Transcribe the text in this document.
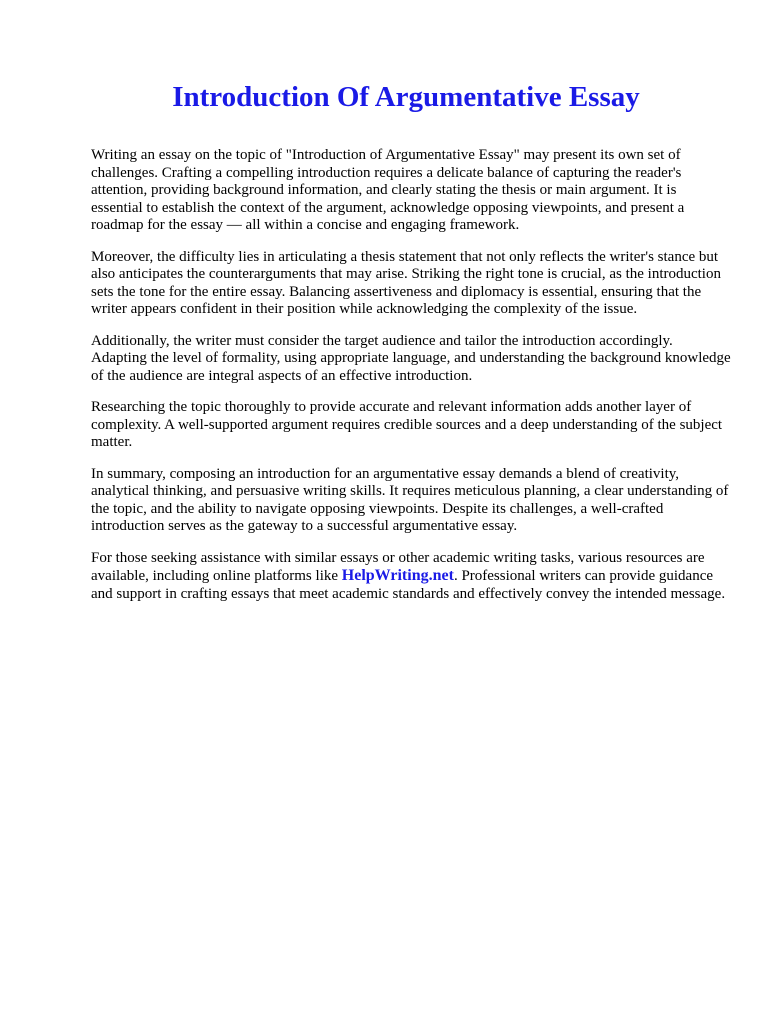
Introduction Of Argumentative Essay

Writing an essay on the topic of "Introduction of Argumentative Essay" may present its own set of challenges. Crafting a compelling introduction requires a delicate balance of capturing the reader's attention, providing background information, and clearly stating the thesis or main argument. It is essential to establish the context of the argument, acknowledge opposing viewpoints, and present a roadmap for the essay — all within a concise and engaging framework.

Moreover, the difficulty lies in articulating a thesis statement that not only reflects the writer's stance but also anticipates the counterarguments that may arise. Striking the right tone is crucial, as the introduction sets the tone for the entire essay. Balancing assertiveness and diplomacy is essential, ensuring that the writer appears confident in their position while acknowledging the complexity of the issue.

Additionally, the writer must consider the target audience and tailor the introduction accordingly. Adapting the level of formality, using appropriate language, and understanding the background knowledge of the audience are integral aspects of an effective introduction.

Researching the topic thoroughly to provide accurate and relevant information adds another layer of complexity. A well-supported argument requires credible sources and a deep understanding of the subject matter.

In summary, composing an introduction for an argumentative essay demands a blend of creativity, analytical thinking, and persuasive writing skills. It requires meticulous planning, a clear understanding of the topic, and the ability to navigate opposing viewpoints. Despite its challenges, a well-crafted introduction serves as the gateway to a successful argumentative essay.

For those seeking assistance with similar essays or other academic writing tasks, various resources are available, including online platforms like HelpWriting.net. Professional writers can provide guidance and support in crafting essays that meet academic standards and effectively convey the intended message.
